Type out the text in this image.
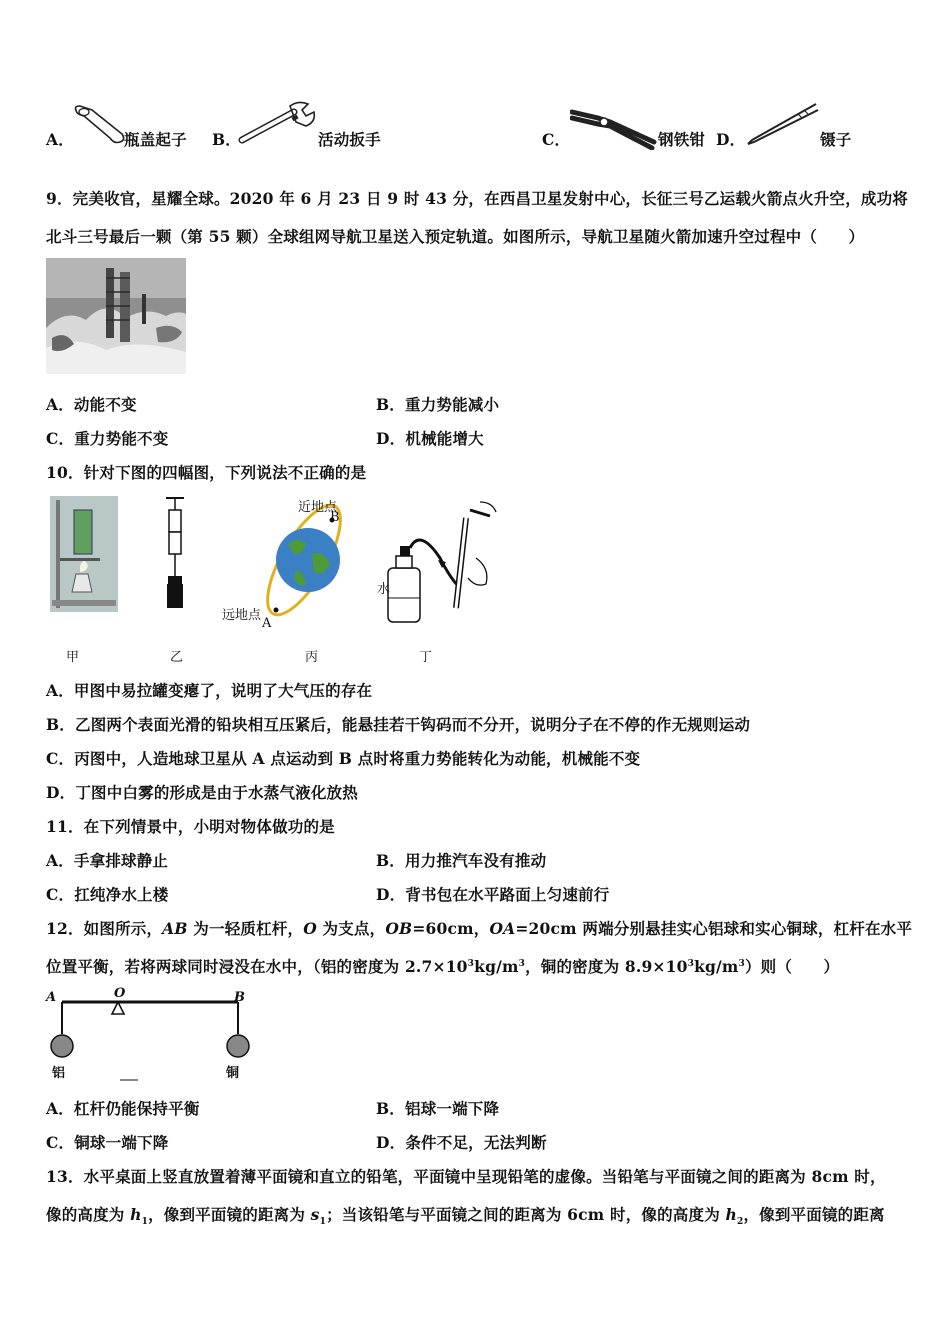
A．	瓶盖起子 B．	活动扳手	C．	钢铁钳 D．	镊子
9．完美收官，星耀全球。2020 年 6 月 23 日 9 时 43 分，在西昌卫星发射中心，长征三号乙运载火箭点火升空，成功将
北斗三号最后一颗（第 55 颗）全球组网导航卫星送入预定轨道。如图所示，导航卫星随火箭加速升空过程中（　　）
A．动能不变	B．重力势能减小
C．重力势能不变	D．机械能增大
10．针对下图的四幅图，下列说法不正确的是
甲	乙
近地点
B
远地点
A
丙
水
丁
A．甲图中易拉罐变瘪了，说明了大气压的存在
B．乙图两个表面光滑的铅块相互压紧后，能悬挂若干钩码而不分开，说明分子在不停的作无规则运动
C．丙图中，人造地球卫星从 A 点运动到 B 点时将重力势能转化为动能，机械能不变
D．丁图中白雾的形成是由于水蒸气液化放热
11．在下列情景中，小明对物体做功的是
A．手拿排球静止	B．用力推汽车没有推动
C．扛纯净水上楼	D．背书包在水平路面上匀速前行
12．如图所示，AB 为一轻质杠杆，O 为支点，OB=60cm，OA=20cm 两端分别悬挂实心铝球和实心铜球，杠杆在水平
位置平衡，若将两球同时浸没在水中，（铝的密度为 $2.7\times 10^3kg/m^3$，铜的密度为 $8.9\times 10^3kg/m^3$）则（　　）
A	O	B
铝	铜
A．杠杆仍能保持平衡	B．铝球一端下降
C．铜球一端下降	D．条件不足，无法判断
13．水平桌面上竖直放置着薄平面镜和直立的铅笔，平面镜中呈现铅笔的虚像。当铅笔与平面镜之间的距离为 8cm 时，
像的高度为 $h_1$，像到平面镜的距离为 $s_1$；当该铅笔与平面镜之间的距离为 6cm 时，像的高度为 $h_2$，像到平面镜的距离
